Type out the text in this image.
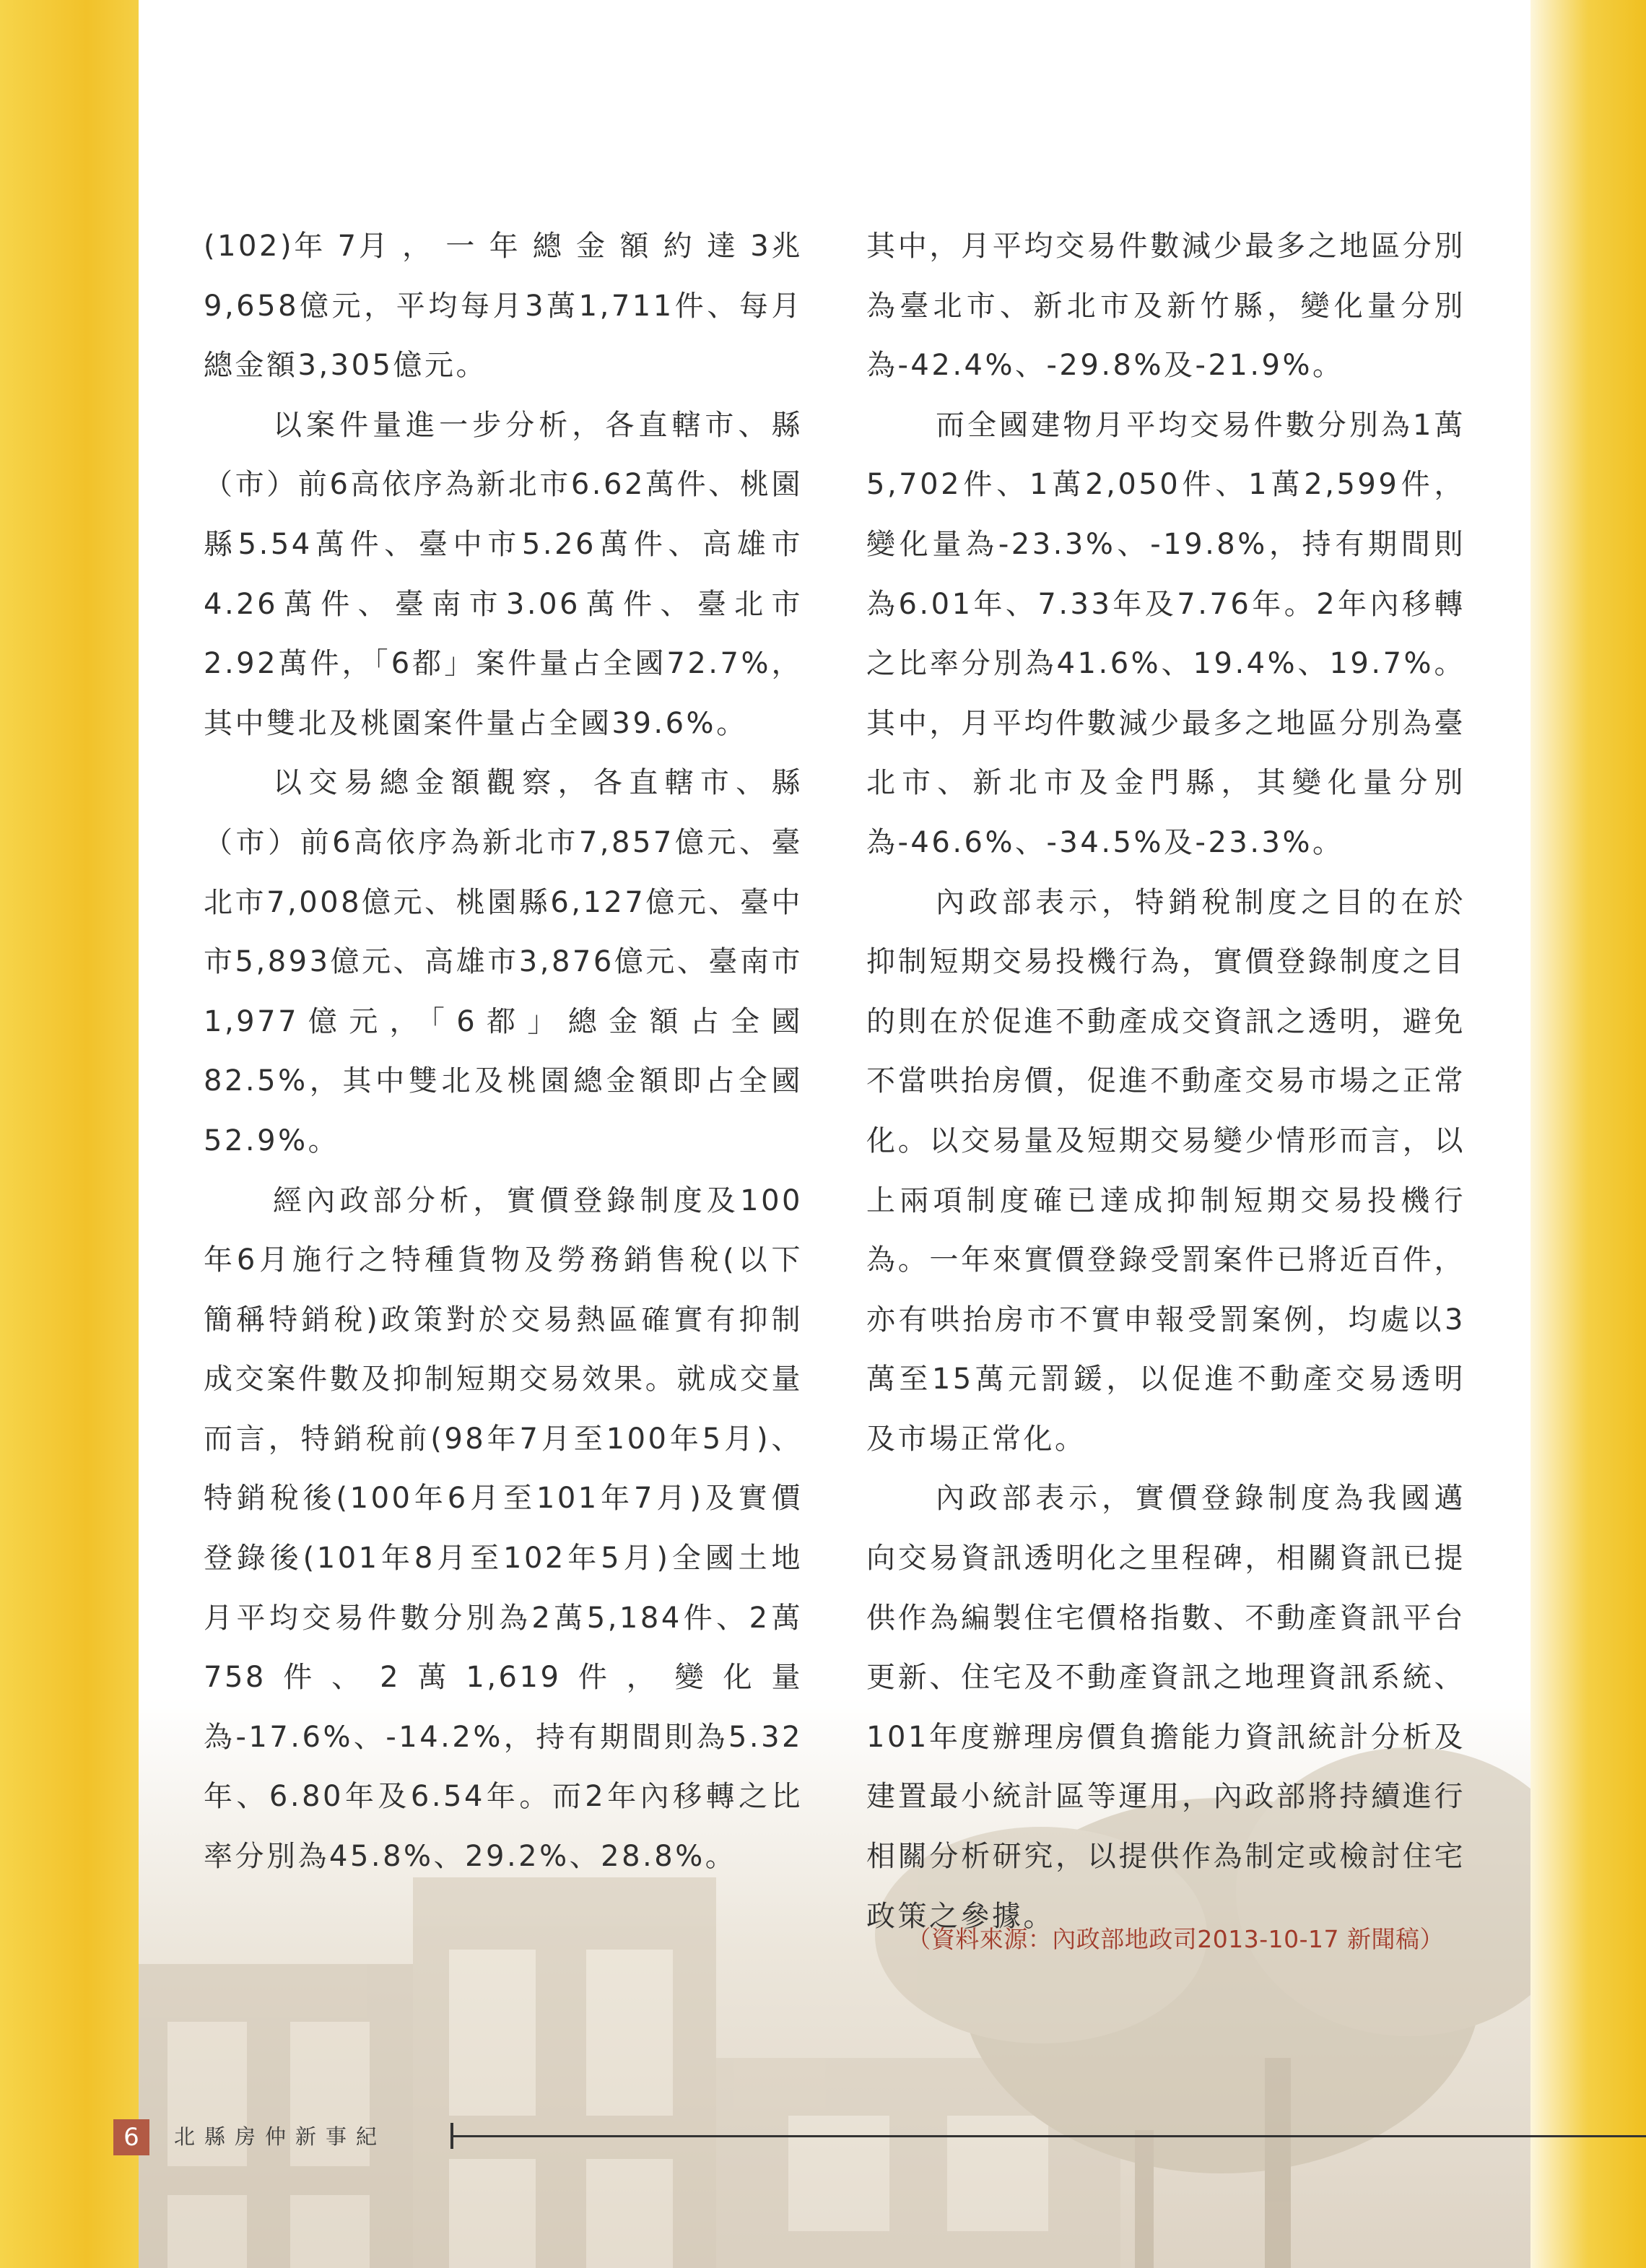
(102)年 7月 ， 一 年 總 金 額 約 達 3兆9,658億元，平均每月3萬1,711件、每月總金額3,305億元。

以案件量進一步分析，各直轄市、縣（市）前6高依序為新北市6.62萬件、桃園縣5.54萬件、臺中市5.26萬件、高雄市4.26萬件、臺南市3.06萬件、臺北市2.92萬件，「6都」案件量占全國72.7%，其中雙北及桃園案件量占全國39.6%。

以交易總金額觀察，各直轄市、縣（市）前6高依序為新北市7,857億元、臺北市7,008億元、桃園縣6,127億元、臺中市5,893億元、高雄市3,876億元、臺南市1,977億元，「6都」總金額占全國82.5%，其中雙北及桃園總金額即占全國52.9%。

經內政部分析，實價登錄制度及100年6月施行之特種貨物及勞務銷售稅(以下簡稱特銷稅)政策對於交易熱區確實有抑制成交案件數及抑制短期交易效果。就成交量而言，特銷稅前(98年7月至100年5月)、特銷稅後(100年6月至101年7月)及實價登錄後(101年8月至102年5月)全國土地月平均交易件數分別為2萬5,184件、2萬758件、2萬1,619件，變化量為-17.6%、-14.2%，持有期間則為5.32年、6.80年及6.54年。而2年內移轉之比率分別為45.8%、29.2%、28.8%。

其中，月平均交易件數減少最多之地區分別為臺北市、新北市及新竹縣，變化量分別為-42.4%、-29.8%及-21.9%。

而全國建物月平均交易件數分別為1萬5,702件、1萬2,050件、1萬2,599件，變化量為-23.3%、-19.8%，持有期間則為6.01年、7.33年及7.76年。2年內移轉之比率分別為41.6%、19.4%、19.7%。其中，月平均件數減少最多之地區分別為臺北市、新北市及金門縣，其變化量分別為-46.6%、-34.5%及-23.3%。

內政部表示，特銷稅制度之目的在於抑制短期交易投機行為，實價登錄制度之目的則在於促進不動產成交資訊之透明，避免不當哄抬房價，促進不動產交易市場之正常化。以交易量及短期交易變少情形而言，以上兩項制度確已達成抑制短期交易投機行為。一年來實價登錄受罰案件已將近百件，亦有哄抬房市不實申報受罰案例，均處以3萬至15萬元罰鍰，以促進不動產交易透明及市場正常化。

內政部表示，實價登錄制度為我國邁向交易資訊透明化之里程碑，相關資訊已提供作為編製住宅價格指數、不動產資訊平台更新、住宅及不動產資訊之地理資訊系統、101年度辦理房價負擔能力資訊統計分析及建置最小統計區等運用，內政部將持續進行相關分析研究，以提供作為制定或檢討住宅政策之參據。

（資料來源：內政部地政司2013-10-17 新聞稿）
6	北縣房仲新事紀
